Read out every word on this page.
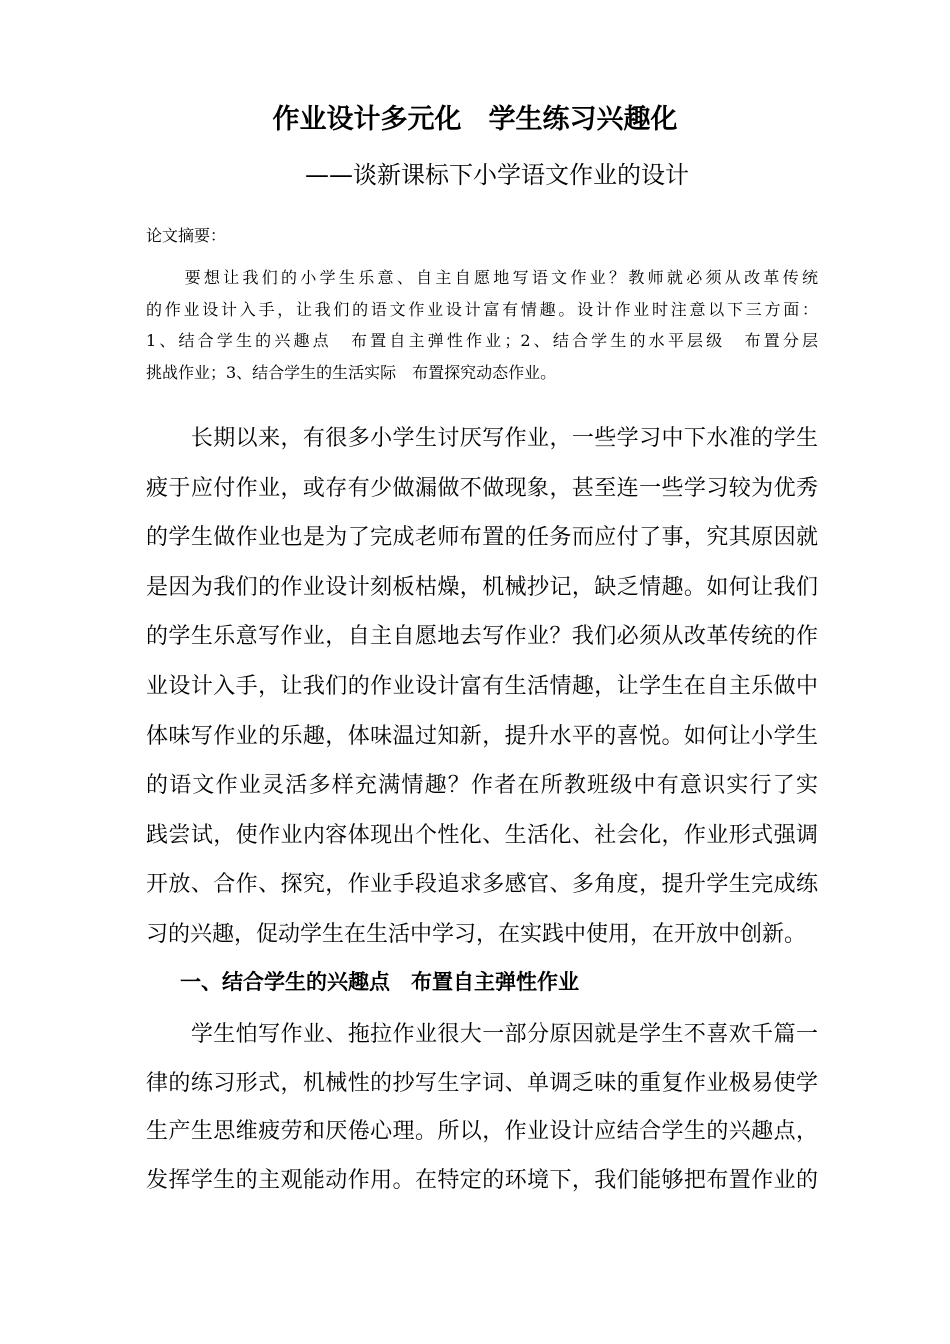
作业设计多元化　学生练习兴趣化
——谈新课标下小学语文作业的设计
论文摘要：
　　要想让我们的小学生乐意、自主自愿地写语文作业？教师就必须从改革传统
的作业设计入手，让我们的语文作业设计富有情趣。设计作业时注意以下三方面：
1、结合学生的兴趣点　布置自主弹性作业；2、结合学生的水平层级　布置分层
挑战作业；3、结合学生的生活实际　布置探究动态作业。
　　长期以来，有很多小学生讨厌写作业，一些学习中下水准的学生
疲于应付作业，或存有少做漏做不做现象，甚至连一些学习较为优秀
的学生做作业也是为了完成老师布置的任务而应付了事，究其原因就
是因为我们的作业设计刻板枯燥，机械抄记，缺乏情趣。如何让我们
的学生乐意写作业，自主自愿地去写作业？我们必须从改革传统的作
业设计入手，让我们的作业设计富有生活情趣，让学生在自主乐做中
体味写作业的乐趣，体味温过知新，提升水平的喜悦。如何让小学生
的语文作业灵活多样充满情趣？作者在所教班级中有意识实行了实
践尝试，使作业内容体现出个性化、生活化、社会化，作业形式强调
开放、合作、探究，作业手段追求多感官、多角度，提升学生完成练
习的兴趣，促动学生在生活中学习，在实践中使用，在开放中创新。
一、结合学生的兴趣点　布置自主弹性作业
　　学生怕写作业、拖拉作业很大一部分原因就是学生不喜欢千篇一
律的练习形式，机械性的抄写生字词、单调乏味的重复作业极易使学
生产生思维疲劳和厌倦心理。所以，作业设计应结合学生的兴趣点，
发挥学生的主观能动作用。在特定的环境下，我们能够把布置作业的
